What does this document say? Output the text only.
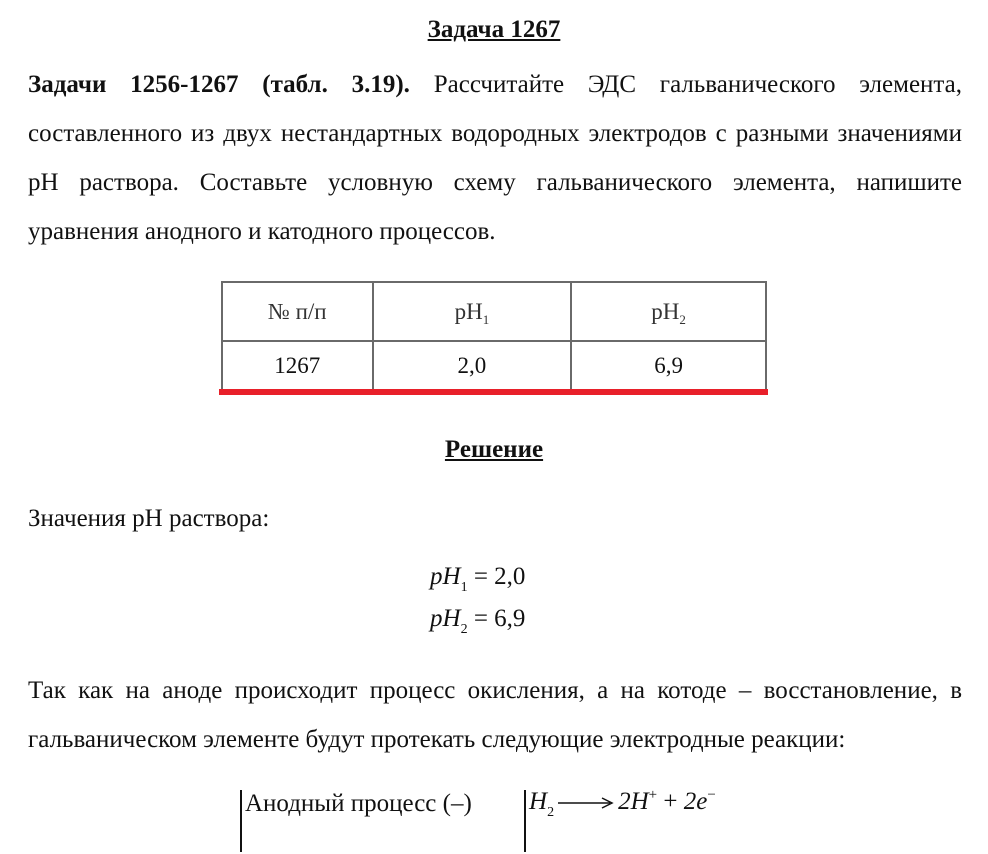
Задача 1267
Задачи 1256-1267 (табл. 3.19). Рассчитайте ЭДС гальванического элемента, составленного из двух нестандартных водородных электродов с разными значениями pH раствора. Составьте условную схему гальванического элемента, напишите уравнения анодного и катодного процессов.
№ п/п	$pH_1$	$pH_2$
1267	2,0	6,9
Решение
Значения pH раствора:
$pH_1 = 2,0$
$pH_2 = 6,9$
Так как на аноде происходит процесс окисления, а на котоде – восстановление, в гальваническом элементе будут протекать следующие электродные реакции:
Анодный процесс (–) $H_2 \to 2H^+ + 2e^-$
